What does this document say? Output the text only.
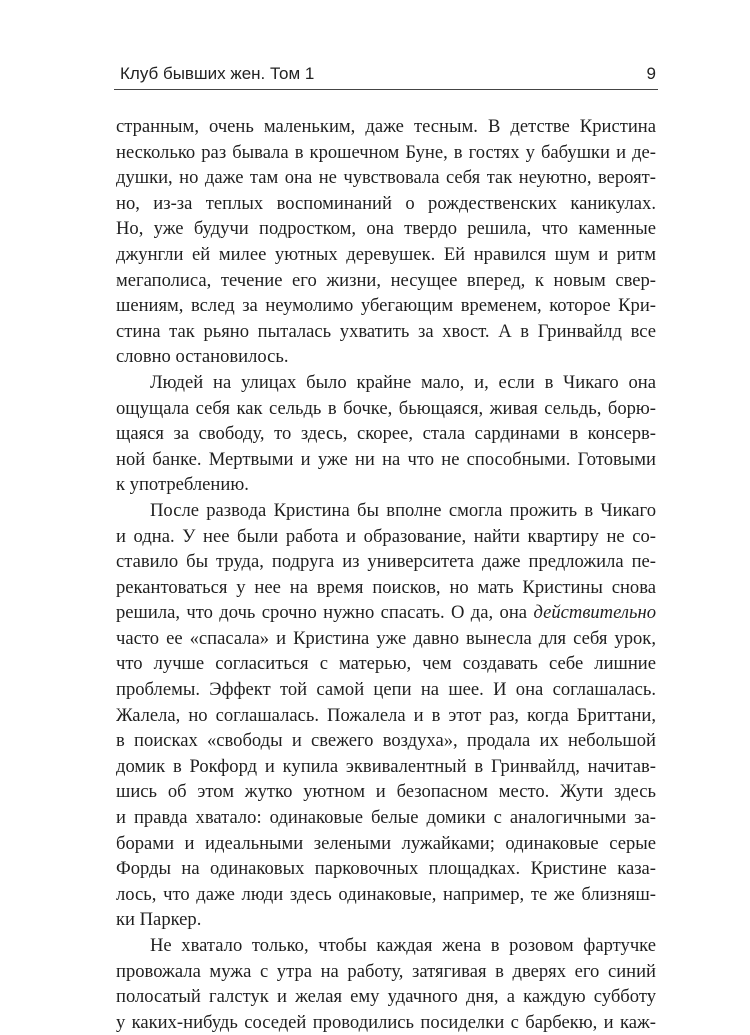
Клуб бывших жен. Том 1	9

странным, очень маленьким, даже тесным. В детстве Кристина
несколько раз бывала в крошечном Буне, в гостях у бабушки и де-
душки, но даже там она не чувствовала себя так неуютно, вероят-
но, из-за теплых воспоминаний о рождественских каникулах.
Но, уже будучи подростком, она твердо решила, что каменные
джунгли ей милее уютных деревушек. Ей нравился шум и ритм
мегаполиса, течение его жизни, несущее вперед, к новым свер-
шениям, вслед за неумолимо убегающим временем, которое Кри-
стина так рьяно пыталась ухватить за хвост. А в Гринвайлд все
словно остановилось.

Людей на улицах было крайне мало, и, если в Чикаго она
ощущала себя как сельдь в бочке, бьющаяся, живая сельдь, борю-
щаяся за свободу, то здесь, скорее, стала сардинами в консерв-
ной банке. Мертвыми и уже ни на что не способными. Готовыми
к употреблению.

После развода Кристина бы вполне смогла прожить в Чикаго
и одна. У нее были работа и образование, найти квартиру не со-
ставило бы труда, подруга из университета даже предложила пе-
рекантоваться у нее на время поисков, но мать Кристины снова
решила, что дочь срочно нужно спасать. О да, она действительно
часто ее «спасала» и Кристина уже давно вынесла для себя урок,
что лучше согласиться с матерью, чем создавать себе лишние
проблемы. Эффект той самой цепи на шее. И она соглашалась.
Жалела, но соглашалась. Пожалела и в этот раз, когда Бриттани,
в поисках «свободы и свежего воздуха», продала их небольшой
домик в Рокфорд и купила эквивалентный в Гринвайлд, начитав-
шись об этом жутко уютном и безопасном место. Жути здесь
и правда хватало: одинаковые белые домики с аналогичными за-
борами и идеальными зелеными лужайками; одинаковые серые
Форды на одинаковых парковочных площадках. Кристине каза-
лось, что даже люди здесь одинаковые, например, те же близняш-
ки Паркер.

Не хватало только, чтобы каждая жена в розовом фартучке
провожала мужа с утра на работу, затягивая в дверях его синий
полосатый галстук и желая ему удачного дня, а каждую субботу
у каких-нибудь соседей проводились посиделки с барбекю, и каж-
